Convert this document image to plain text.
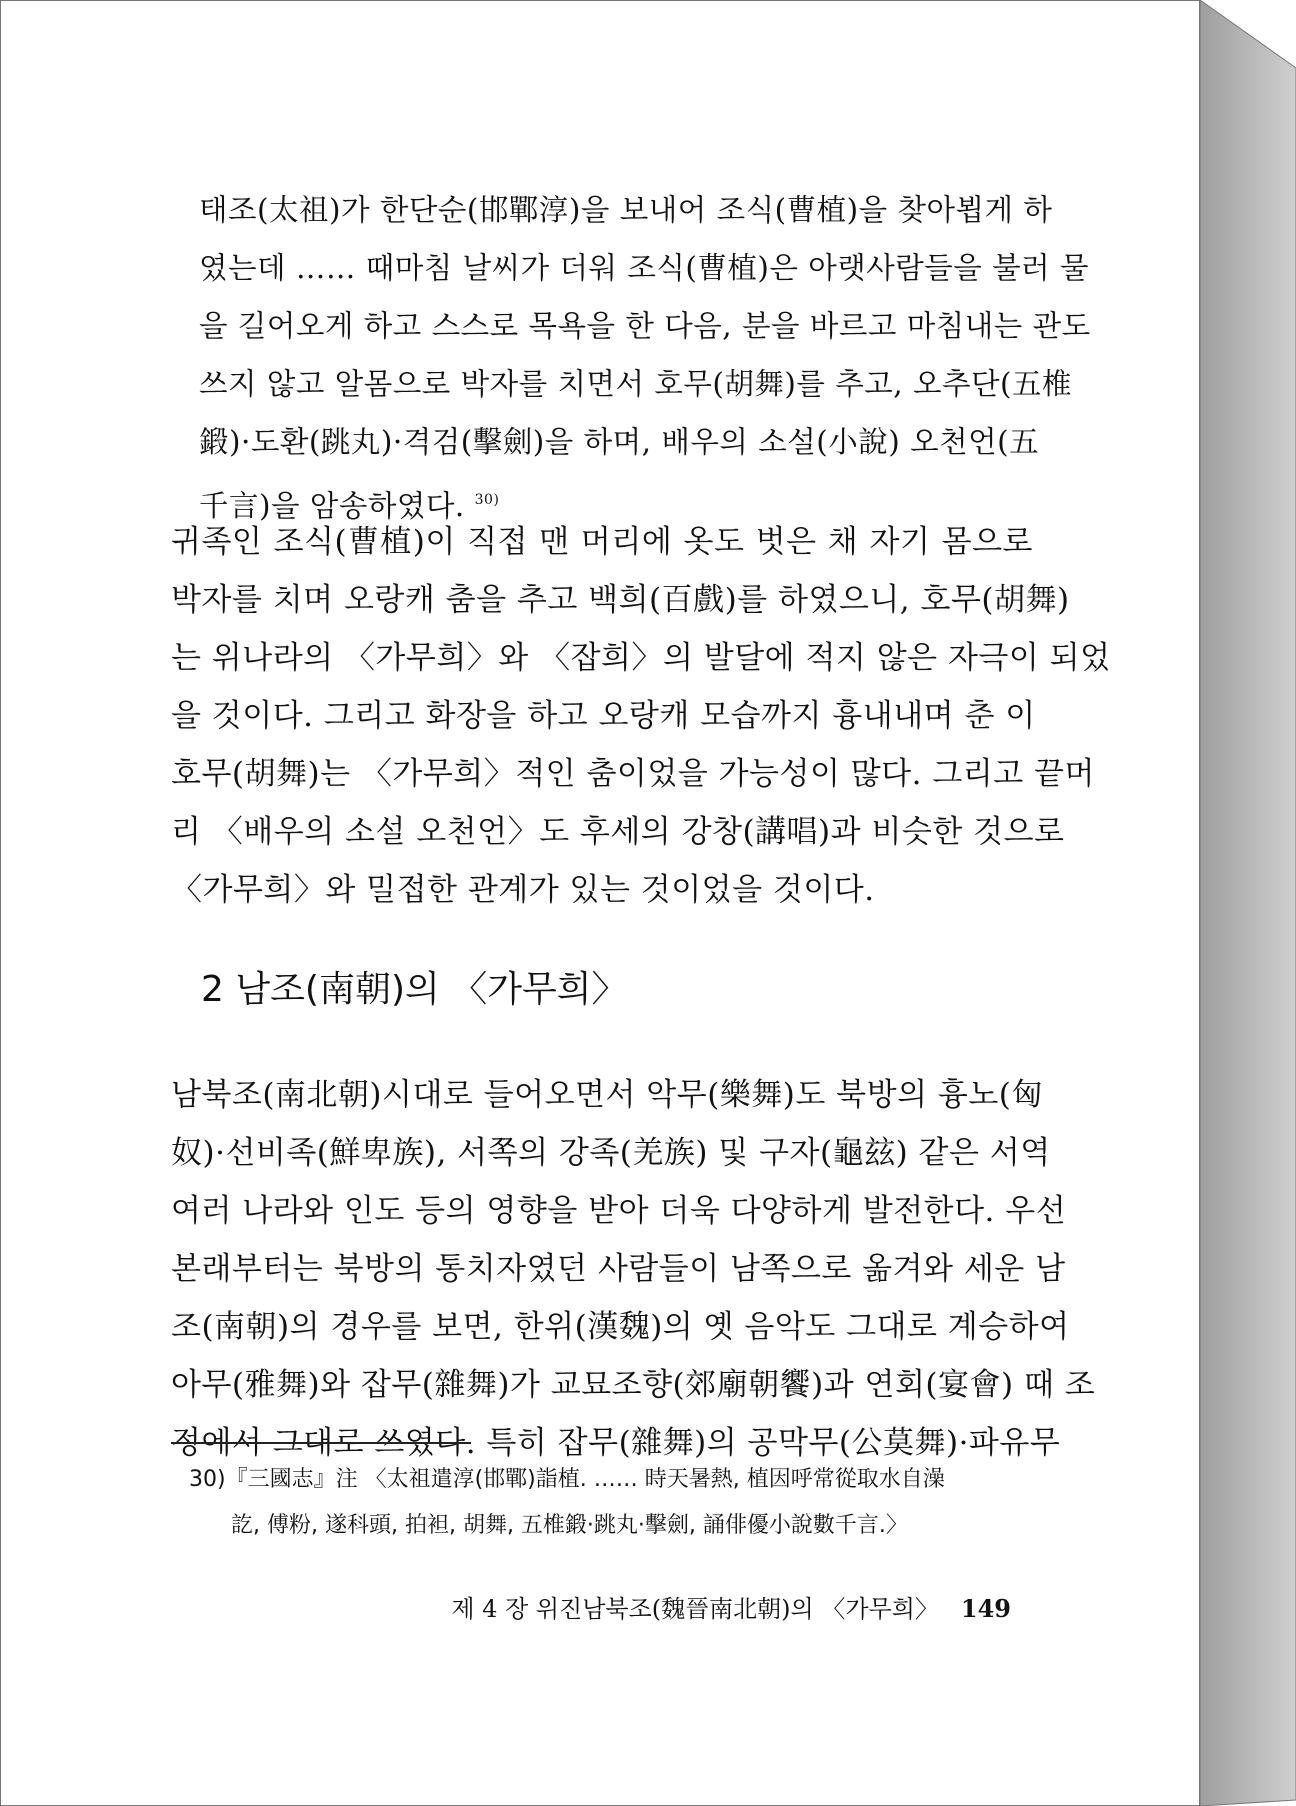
태조(太祖)가 한단순(邯鄲淳)을 보내어 조식(曹植)을 찾아뵙게 하
였는데 …… 때마침 날씨가 더워 조식(曹植)은 아랫사람들을 불러 물
을 길어오게 하고 스스로 목욕을 한 다음, 분을 바르고 마침내는 관도
쓰지 않고 알몸으로 박자를 치면서 호무(胡舞)를 추고, 오추단(五椎
鍛)·도환(跳丸)·격검(擊劍)을 하며, 배우의 소설(小說) 오천언(五
千言)을 암송하였다. $^{30)}$
귀족인 조식(曹植)이 직접 맨 머리에 옷도 벗은 채 자기 몸으로
박자를 치며 오랑캐 춤을 추고 백희(百戲)를 하였으니, 호무(胡舞)
는 위나라의 〈가무희〉와 〈잡희〉의 발달에 적지 않은 자극이 되었
을 것이다. 그리고 화장을 하고 오랑캐 모습까지 흉내내며 춘 이
호무(胡舞)는 〈가무희〉적인 춤이었을 가능성이 많다. 그리고 끝머
리 〈배우의 소설 오천언〉도 후세의 강창(講唱)과 비슷한 것으로
〈가무희〉와 밀접한 관계가 있는 것이었을 것이다.
2 남조(南朝)의 〈가무희〉
남북조(南北朝)시대로 들어오면서 악무(樂舞)도 북방의 흉노(匈
奴)·선비족(鮮卑族), 서쪽의 강족(羌族) 및 구자(龜玆) 같은 서역
여러 나라와 인도 등의 영향을 받아 더욱 다양하게 발전한다. 우선
본래부터는 북방의 통치자였던 사람들이 남쪽으로 옮겨와 세운 남
조(南朝)의 경우를 보면, 한위(漢魏)의 옛 음악도 그대로 계승하여
아무(雅舞)와 잡무(雜舞)가 교묘조향(郊廟朝饗)과 연회(宴會) 때 조
정에서 그대로 쓰였다. 특히 잡무(雜舞)의 공막무(公莫舞)·파유무
30)『三國志』注 〈太祖遣淳(邯鄲)詣植. …… 時天暑熱, 植因呼常從取水自澡
訖, 傅粉, 遂科頭, 拍袒, 胡舞, 五椎鍛·跳丸·擊劍, 誦俳優小說數千言.〉
제 4 장 위진남북조(魏晉南北朝)의 〈가무희〉 149
